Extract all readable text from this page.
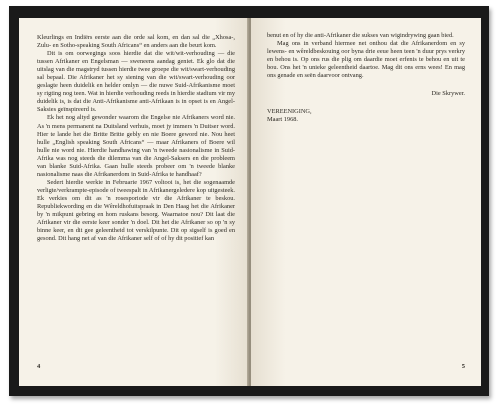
Kleurlings en Indiërs eerste aan die orde sal kom, en dan sal die „Xhosa-, Zulu- en Sotho-speaking South Africans“ en anders aan die beurt kom.

Dit is om oorwegings soos hierdie dat die wit/wit-verhouding — die tussen Afrikaner en Engelsman — sweneens aandag geniet. Ek glo dat die uitslag van die magstryd tussen hierdie twee groepe die wit/swart-verhouding sal bepaal. Die Afrikaner het sy siening van die wit/swart-verhouding oor geslagte heen duidelik en helder omlyn — die nuwe Suid-Afrikanisme moet sy rigting nog teen. Wat in hierdie verhouding reeds in hierdie stadium vir my duidelik is, is dat die Anti-Afrikanisme anti-Afrikaan is in opset is en Angel-Saksies geïnspireerd is.

Ek het nog altyd gewonder waarom die Engelse nie Afrikaners word nie. As 'n mens permanent na Duitsland verhuis, moet jy immers 'n Duitser word. Hier te lande het die Britte Britte gebly en nie Boere geword nie. Nou heet hulle „English speaking South Africans“ — maar Afrikaners of Boere wil hulle nie word nie. Hierdie handhawing van 'n tweede nasionalisme in Suid-Afrika was nog steeds die dilemma van die Angel-Saksers en die probleem van blanke Suid-Afrika. Gaan hulle steeds probeer om 'n tweede blanke nasionalisme naas die Afrikanerdom in Suid-Afrika te handhaaf?

Sedert hierdie werkie in Februarie 1967 voltooi is, het die sogenaamde verligte/verkrampte-episode of tweespalt in Afrikanergeledere kop uitgesteek. Ek verkies om dit as 'n rosesporiode vir die Afrikaner te beskou. Republiekwording en die Wêreldhofuitspraak in Den Haag het die Afrikaner by 'n mikpunt gebring en hom ruskans besorg. Waarnatoe nou? Dit laat die Afrikaner vir die eerste keer sonder 'n doel. Dit het die Afrikaner so op 'n sy binne keer, en dit gee geleentheid tot verskilpunte. Dit op sigself is goed en gesond. Dit hang net af van die Afrikaner self of of hy dit positief kan

4

benut en of hy die anti-Afrikaner die sukses van wigindrywing gaan bied.

Mag ons in verband hiermee net onthou dat die Afrikanerdom en sy lewens- en wêreldbeskouing oor byna drie eeue heen teen 'n duur prys verkry en behou is. Op ons rus die plig om daardie moet erfenis te behou en uit te bou. Ons het 'n unieke geleentheid daartoe. Mag dit ons erns wees! En mag ons genade en seën daarvoor ontvang.

Die Skrywer.
VEREENIGING,
Maart 1968.
5
